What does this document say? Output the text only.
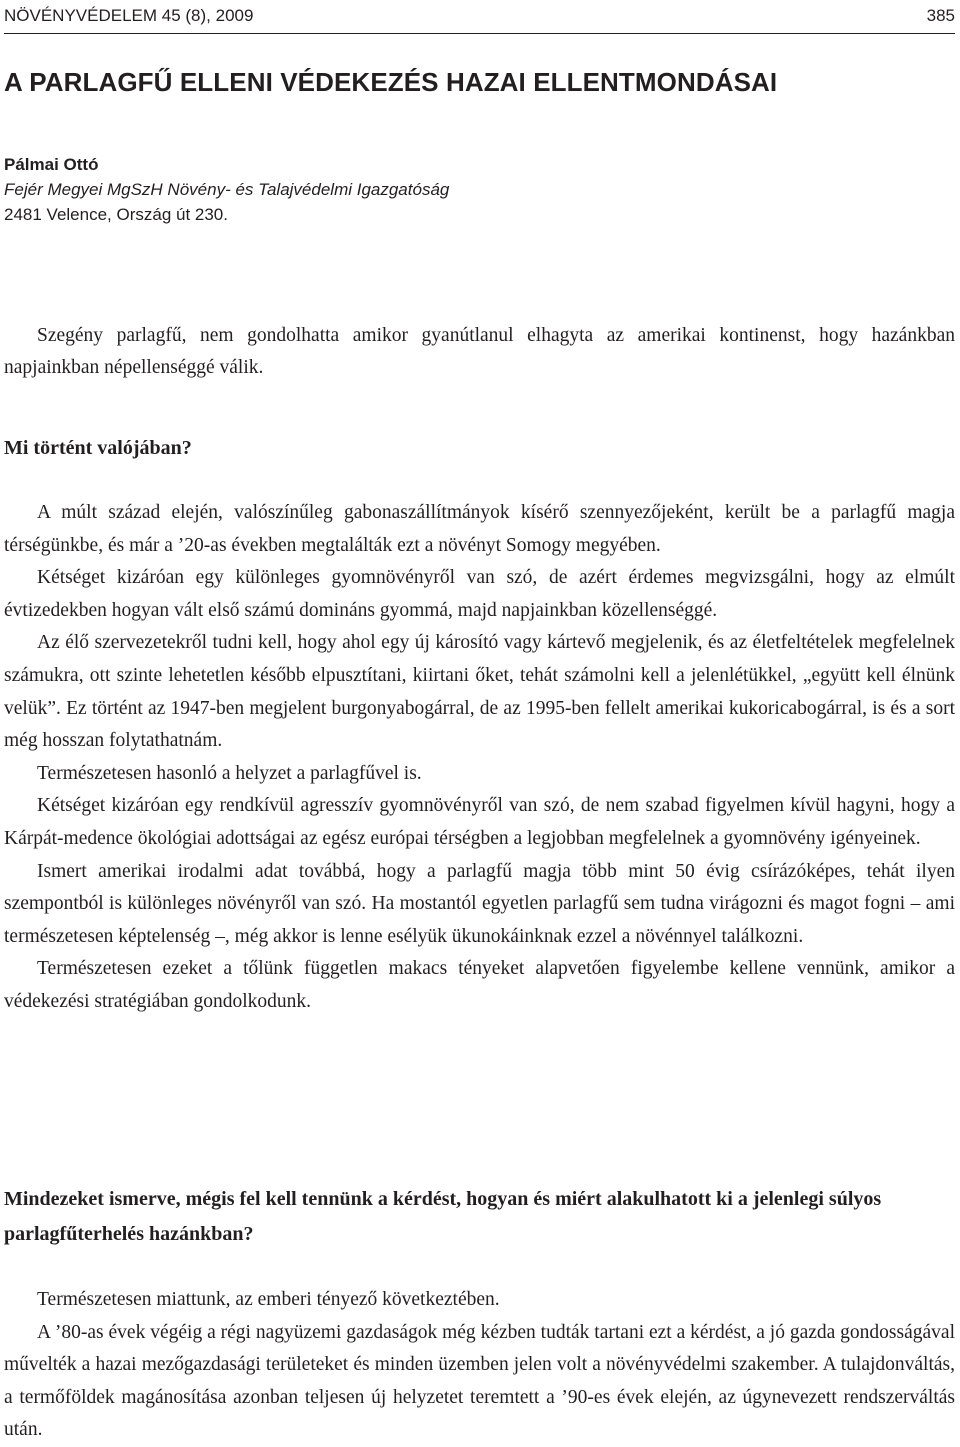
NÖVÉNYVÉDELEM 45 (8), 2009	385
A PARLAGFŰ ELLENI VÉDEKEZÉS HAZAI ELLENTMONDÁSAI
Pálmai Ottó
Fejér Megyei MgSzH Növény- és Talajvédelmi Igazgatóság
2481 Velence, Ország út 230.

Szegény parlagfű, nem gondolhatta amikor gyanútlanul elhagyta az amerikai kontinenst, hogy hazánkban napjainkban népellenséggé válik.

Mi történt valójában?

A múlt század elején, valószínűleg gabonaszállítmányok kísérő szennyezőjeként, került be a parlagfű magja térségünkbe, és már a ’20-as években megtalálták ezt a növényt Somogy megyében.

Kétséget kizáróan egy különleges gyomnövényről van szó, de azért érdemes megvizsgálni, hogy az elmúlt évtizedekben hogyan vált első számú domináns gyommá, majd napjainkban közellenséggé.

Az élő szervezetekről tudni kell, hogy ahol egy új károsító vagy kártevő megjelenik, és az életfeltételek megfelelnek számukra, ott szinte lehetetlen később elpusztítani, kiirtani őket, tehát számolni kell a jelenlétükkel, „együtt kell élnünk velük”. Ez történt az 1947-ben megjelent burgonyabogárral, de az 1995-ben fellelt amerikai kukoricabogárral, is és a sort még hosszan folytathatnám.

Természetesen hasonló a helyzet a parlagfűvel is.

Kétséget kizáróan egy rendkívül agresszív gyomnövényről van szó, de nem szabad figyelmen kívül hagyni, hogy a Kárpát-medence ökológiai adottságai az egész európai térségben a legjobban megfelelnek a gyomnövény igényeinek.

Ismert amerikai irodalmi adat továbbá, hogy a parlagfű magja több mint 50 évig csírázóképes, tehát ilyen szempontból is különleges növényről van szó. Ha mostantól egyetlen parlagfű sem tudna virágozni és magot fogni – ami természetesen képtelenség –, még akkor is lenne esélyük ükunokáinknak ezzel a növénnyel találkozni.

Természetesen ezeket a tőlünk független makacs tényeket alapvetően figyelembe kellene vennünk, amikor a védekezési stratégiában gondolkodunk.

Mindezeket ismerve, mégis fel kell tennünk a kérdést, hogyan és miért alakulhatott ki a jelenlegi súlyos parlagfűterhelés hazánkban?

Természetesen miattunk, az emberi tényező következtében.

A ’80-as évek végéig a régi nagyüzemi gazdaságok még kézben tudták tartani ezt a kérdést, a jó gazda gondosságával művelték a hazai mezőgazdasági területeket és minden üzemben jelen volt a növényvédelmi szakember. A tulajdonváltás, a termőföldek magánosítása azonban teljesen új helyzetet teremtett a ’90-es évek elején, az úgynevezett rendszerváltás után.
